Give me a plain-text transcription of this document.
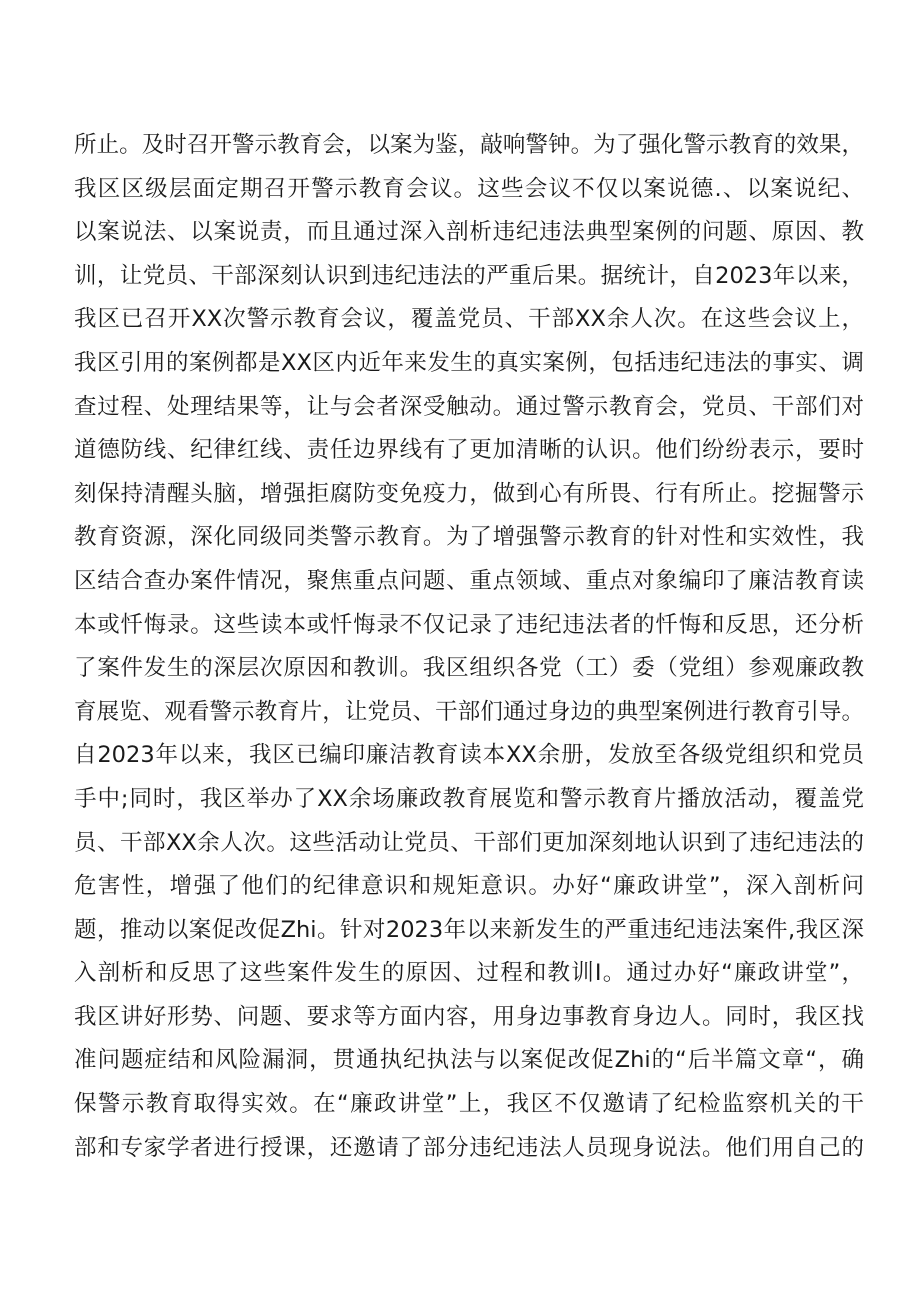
所止。及时召开警示教育会，以案为鉴，敲响警钟。为了强化警示教育的效果，
我区区级层面定期召开警示教育会议。这些会议不仅以案说德.、以案说纪、
以案说法、以案说责，而且通过深入剖析违纪违法典型案例的问题、原因、教
训，让党员、干部深刻认识到违纪违法的严重后果。据统计，自2023年以来，
我区已召开XX次警示教育会议，覆盖党员、干部XX余人次。在这些会议上，
我区引用的案例都是XX区内近年来发生的真实案例，包括违纪违法的事实、调
查过程、处理结果等，让与会者深受触动。通过警示教育会，党员、干部们对
道德防线、纪律红线、责任边界线有了更加清晰的认识。他们纷纷表示，要时
刻保持清醒头脑，增强拒腐防变免疫力，做到心有所畏、行有所止。挖掘警示
教育资源，深化同级同类警示教育。为了增强警示教育的针对性和实效性，我
区结合查办案件情况，聚焦重点问题、重点领域、重点对象编印了廉洁教育读
本或忏悔录。这些读本或忏悔录不仅记录了违纪违法者的忏悔和反思，还分析
了案件发生的深层次原因和教训。我区组织各党（工）委（党组）参观廉政教
育展览、观看警示教育片，让党员、干部们通过身边的典型案例进行教育引导。
自2023年以来，我区已编印廉洁教育读本XX余册，发放至各级党组织和党员
手中;同时，我区举办了XX余场廉政教育展览和警示教育片播放活动，覆盖党
员、干部XX余人次。这些活动让党员、干部们更加深刻地认识到了违纪违法的
危害性，增强了他们的纪律意识和规矩意识。办好“廉政讲堂”，深入剖析问
题，推动以案促改促Zhi。针对2023年以来新发生的严重违纪违法案件,我区深
入剖析和反思了这些案件发生的原因、过程和教训I。通过办好“廉政讲堂”，
我区讲好形势、问题、要求等方面内容，用身边事教育身边人。同时，我区找
准问题症结和风险漏洞，贯通执纪执法与以案促改促Zhi的“后半篇文章“，确
保警示教育取得实效。在“廉政讲堂”上，我区不仅邀请了纪检监察机关的干
部和专家学者进行授课，还邀请了部分违纪违法人员现身说法。他们用自己的
